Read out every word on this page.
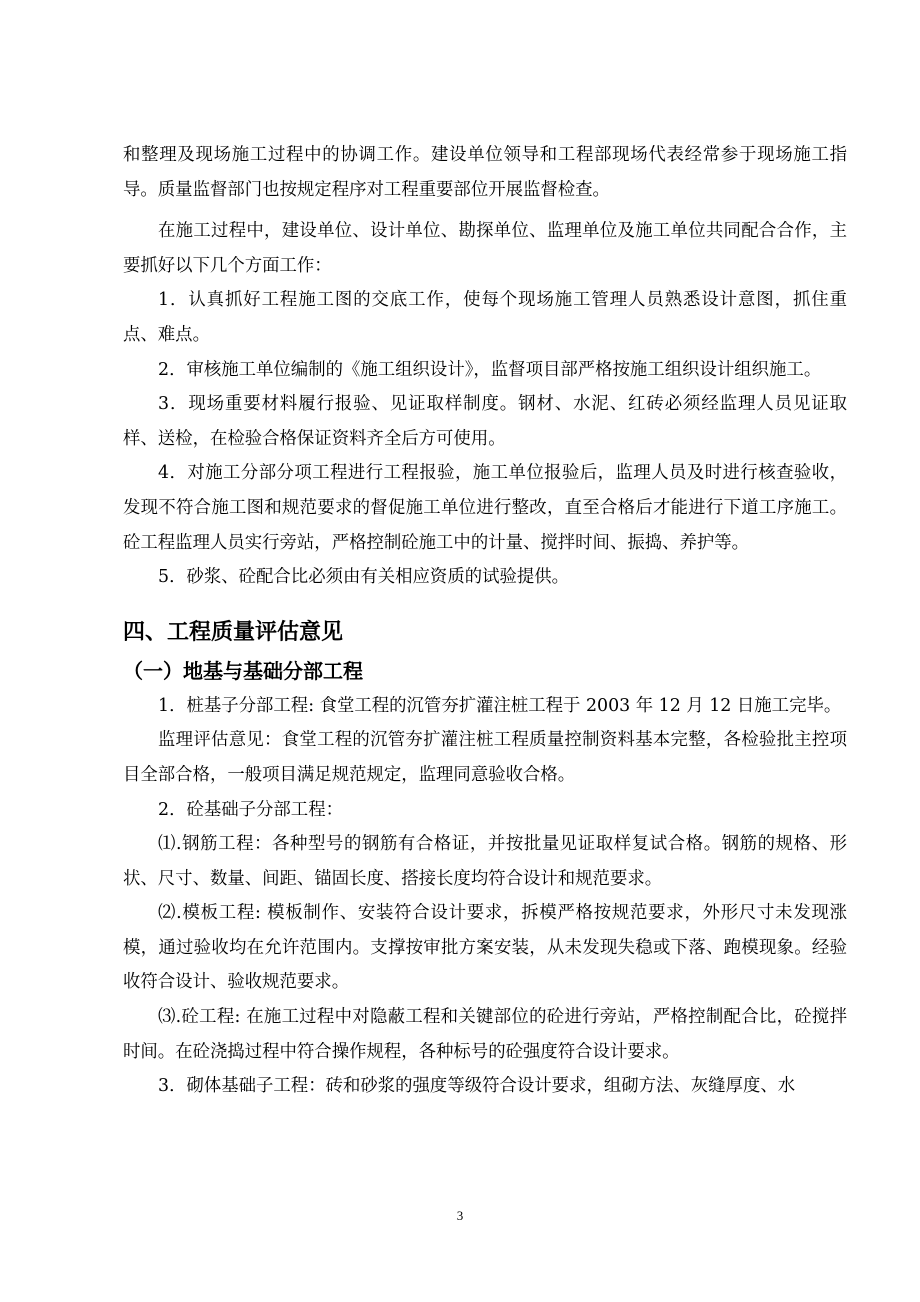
和整理及现场施工过程中的协调工作。建设单位领导和工程部现场代表经常参于现场施工指导。质量监督部门也按规定程序对工程重要部位开展监督检查。

在施工过程中，建设单位、设计单位、勘探单位、监理单位及施工单位共同配合合作，主要抓好以下几个方面工作：

1．认真抓好工程施工图的交底工作，使每个现场施工管理人员熟悉设计意图，抓住重点、难点。

2．审核施工单位编制的《施工组织设计》，监督项目部严格按施工组织设计组织施工。

3．现场重要材料履行报验、见证取样制度。钢材、水泥、红砖必须经监理人员见证取样、送检，在检验合格保证资料齐全后方可使用。

4．对施工分部分项工程进行工程报验，施工单位报验后，监理人员及时进行核查验收，发现不符合施工图和规范要求的督促施工单位进行整改，直至合格后才能进行下道工序施工。砼工程监理人员实行旁站，严格控制砼施工中的计量、搅拌时间、振捣、养护等。

5．砂浆、砼配合比必须由有关相应资质的试验提供。

四、工程质量评估意见
（一）地基与基础分部工程

1．桩基子分部工程: 食堂工程的沉管夯扩灌注桩工程于 2003 年 12 月 12 日施工完毕。

监理评估意见：食堂工程的沉管夯扩灌注桩工程质量控制资料基本完整，各检验批主控项目全部合格，一般项目满足规范规定，监理同意验收合格。

2．砼基础子分部工程：

⑴.钢筋工程：各种型号的钢筋有合格证，并按批量见证取样复试合格。钢筋的规格、形状、尺寸、数量、间距、锚固长度、搭接长度均符合设计和规范要求。

⑵.模板工程: 模板制作、安装符合设计要求，拆模严格按规范要求，外形尺寸未发现涨模，通过验收均在允许范围内。支撑按审批方案安装，从未发现失稳或下落、跑模现象。经验收符合设计、验收规范要求。

⑶.砼工程: 在施工过程中对隐蔽工程和关键部位的砼进行旁站，严格控制配合比，砼搅拌时间。在砼浇捣过程中符合操作规程，各种标号的砼强度符合设计要求。

3．砌体基础子工程：砖和砂浆的强度等级符合设计要求，组砌方法、灰缝厚度、水

3
